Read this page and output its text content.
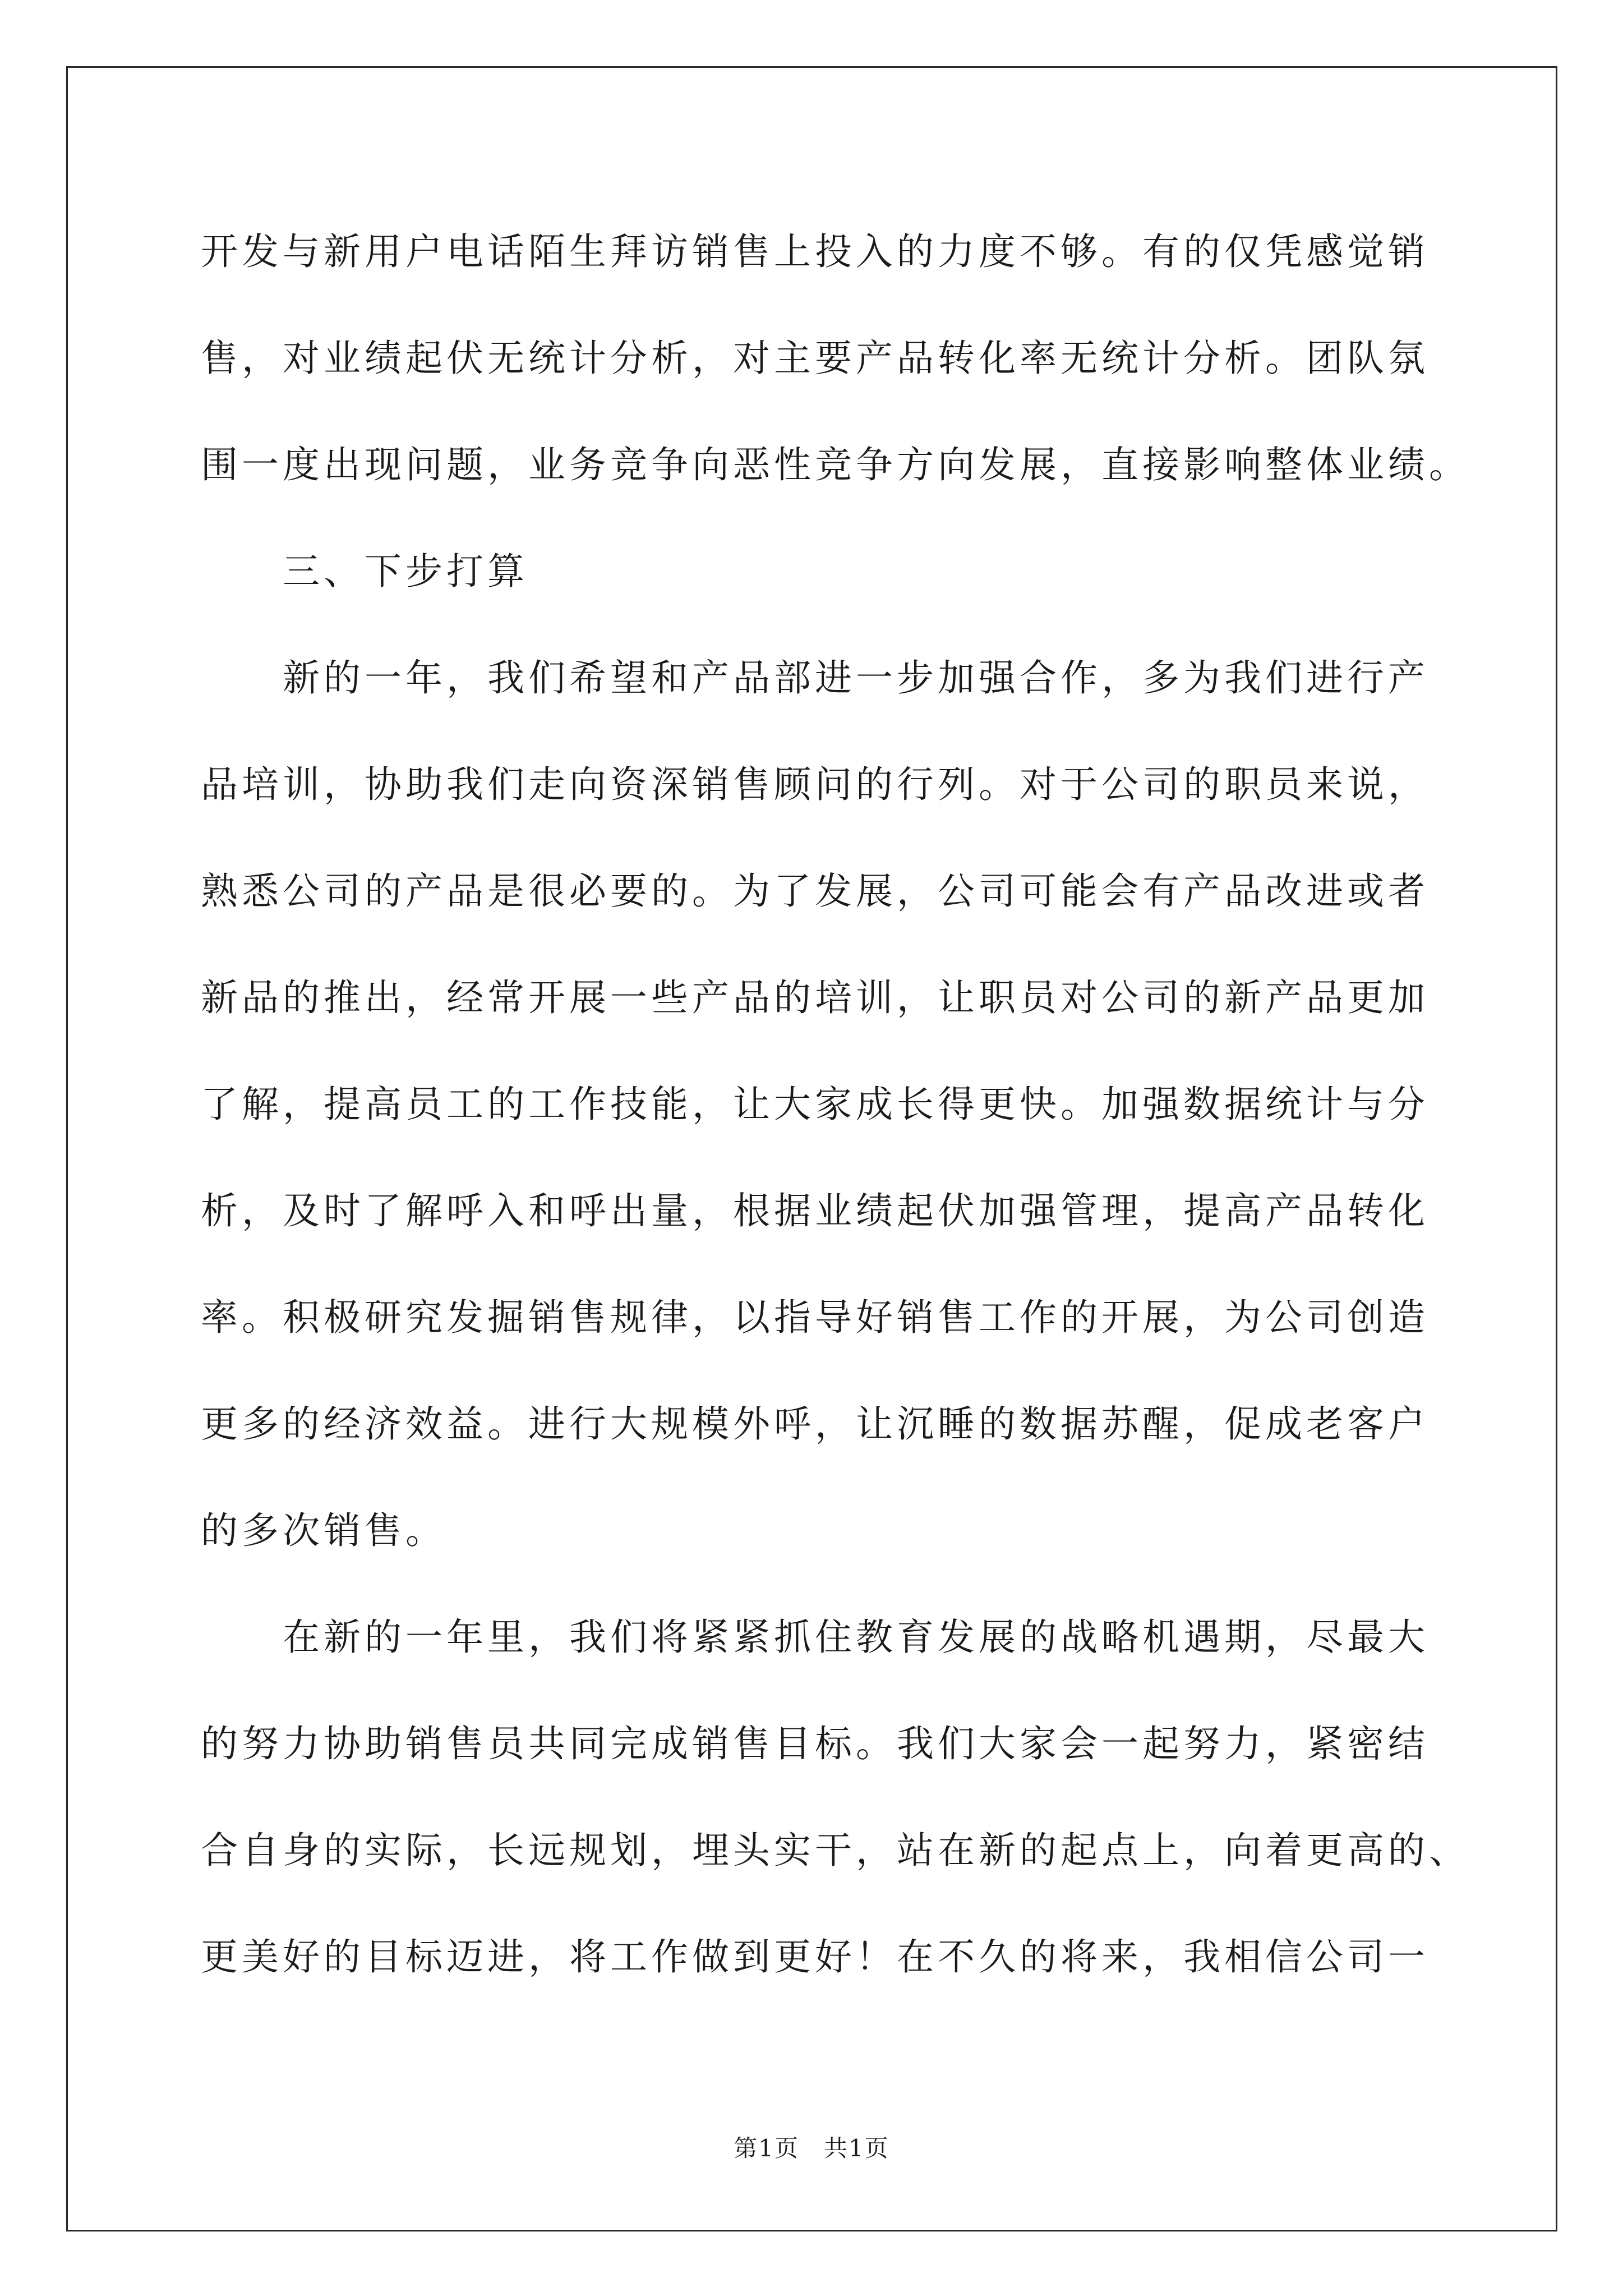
开发与新用户电话陌生拜访销售上投入的力度不够。有的仅凭感觉销
售，对业绩起伏无统计分析，对主要产品转化率无统计分析。团队氛
围一度出现问题，业务竞争向恶性竞争方向发展，直接影响整体业绩。
三、下步打算
新的一年，我们希望和产品部进一步加强合作，多为我们进行产
品培训，协助我们走向资深销售顾问的行列。对于公司的职员来说，
熟悉公司的产品是很必要的。为了发展，公司可能会有产品改进或者
新品的推出，经常开展一些产品的培训，让职员对公司的新产品更加
了解，提高员工的工作技能，让大家成长得更快。加强数据统计与分
析，及时了解呼入和呼出量，根据业绩起伏加强管理，提高产品转化
率。积极研究发掘销售规律，以指导好销售工作的开展，为公司创造
更多的经济效益。进行大规模外呼，让沉睡的数据苏醒，促成老客户
的多次销售。
在新的一年里，我们将紧紧抓住教育发展的战略机遇期，尽最大
的努力协助销售员共同完成销售目标。我们大家会一起努力，紧密结
合自身的实际，长远规划，埋头实干，站在新的起点上，向着更高的、
更美好的目标迈进，将工作做到更好！在不久的将来，我相信公司一
第1页　共1页
